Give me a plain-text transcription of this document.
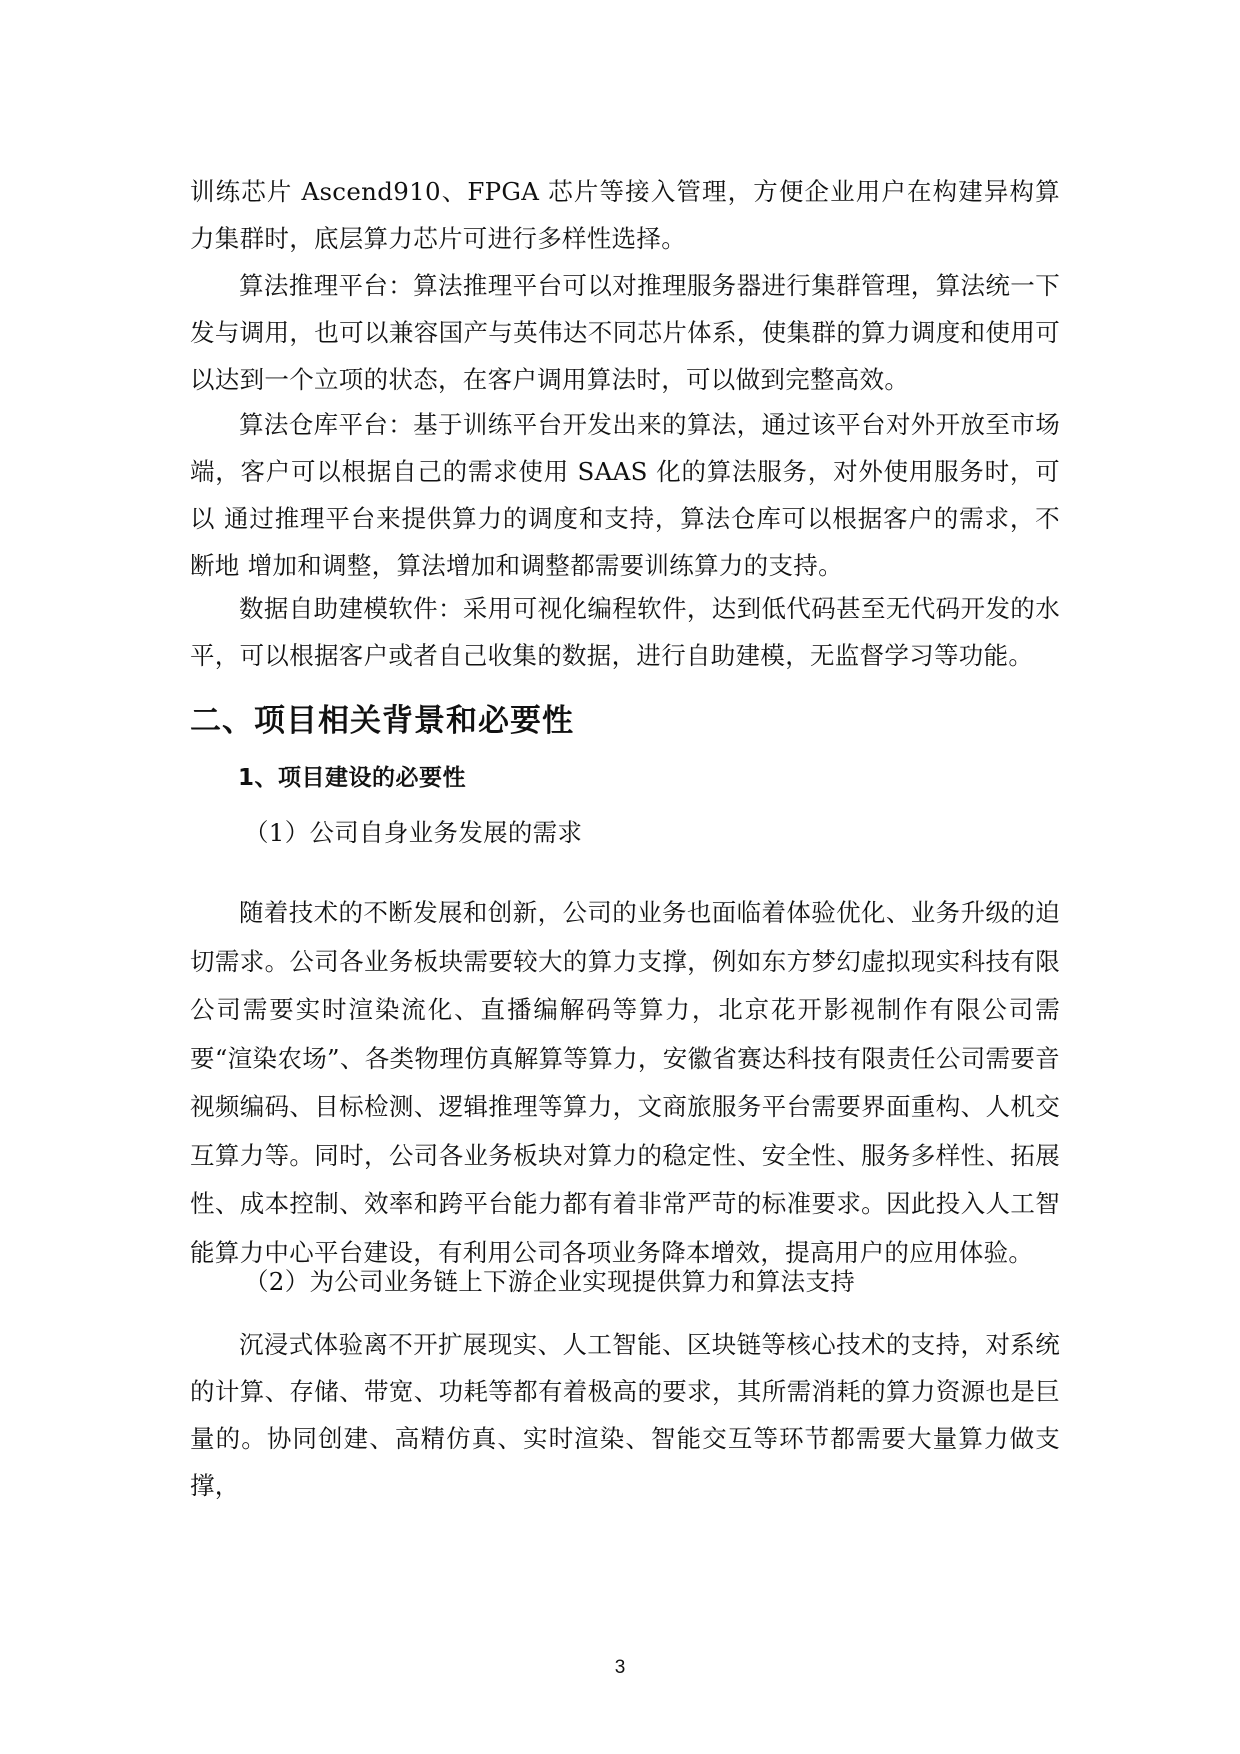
训练芯片 Ascend910、FPGA 芯片等接入管理，方便企业用户在构建异构算力集群时，底层算力芯片可进行多样性选择。

算法推理平台：算法推理平台可以对推理服务器进行集群管理，算法统一下发与调用，也可以兼容国产与英伟达不同芯片体系，使集群的算力调度和使用可以达到一个立项的状态，在客户调用算法时，可以做到完整高效。

算法仓库平台：基于训练平台开发出来的算法，通过该平台对外开放至市场端，客户可以根据自己的需求使用 SAAS 化的算法服务，对外使用服务时，可以 通过推理平台来提供算力的调度和支持，算法仓库可以根据客户的需求，不断地 增加和调整，算法增加和调整都需要训练算力的支持。

数据自助建模软件：采用可视化编程软件，达到低代码甚至无代码开发的水平，可以根据客户或者自己收集的数据，进行自助建模，无监督学习等功能。

二、项目相关背景和必要性
1、项目建设的必要性

（1）公司自身业务发展的需求

随着技术的不断发展和创新，公司的业务也面临着体验优化、业务升级的迫切需求。公司各业务板块需要较大的算力支撑，例如东方梦幻虚拟现实科技有限公司需要实时渲染流化、直播编解码等算力，北京花开影视制作有限公司需要“渲染农场”、各类物理仿真解算等算力，安徽省赛达科技有限责任公司需要音视频编码、目标检测、逻辑推理等算力，文商旅服务平台需要界面重构、人机交互算力等。同时，公司各业务板块对算力的稳定性、安全性、服务多样性、拓展性、成本控制、效率和跨平台能力都有着非常严苛的标准要求。因此投入人工智能算力中心平台建设，有利用公司各项业务降本增效，提高用户的应用体验。

（2）为公司业务链上下游企业实现提供算力和算法支持

沉浸式体验离不开扩展现实、人工智能、区块链等核心技术的支持，对系统的计算、存储、带宽、功耗等都有着极高的要求，其所需消耗的算力资源也是巨量的。协同创建、高精仿真、实时渲染、智能交互等环节都需要大量算力做支撑，

3
